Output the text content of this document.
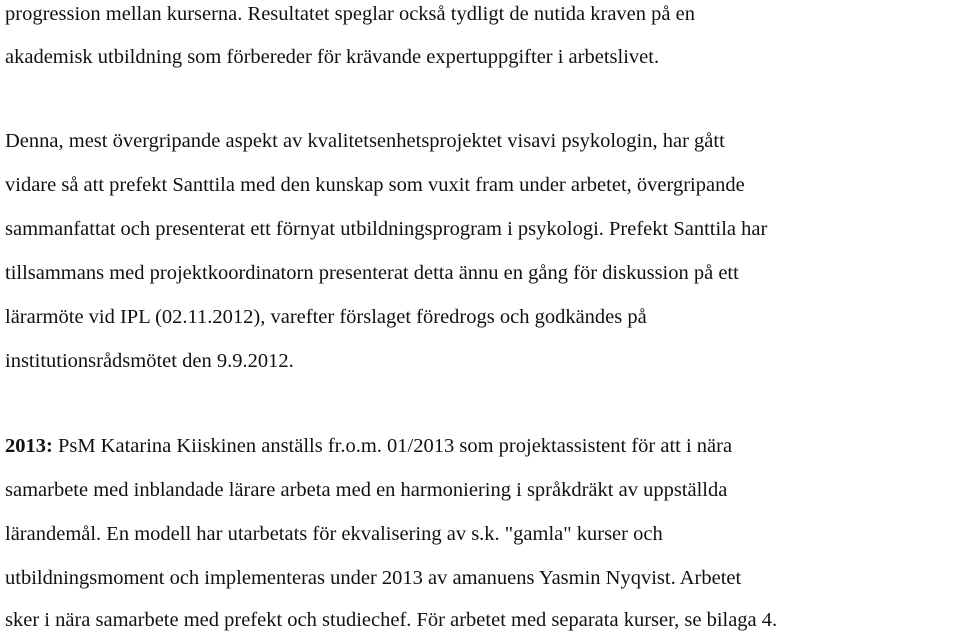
progression mellan kurserna. Resultatet speglar också tydligt de nutida kraven på en
akademisk utbildning som förbereder för krävande expertuppgifter i arbetslivet.
Denna, mest övergripande aspekt av kvalitetsenhetsprojektet visavi psykologin, har gått
vidare så att prefekt Santtila med den kunskap som vuxit fram under arbetet, övergripande
sammanfattat och presenterat ett förnyat utbildningsprogram i psykologi. Prefekt Santtila har
tillsammans med projektkoordinatorn presenterat detta ännu en gång för diskussion på ett
lärarmöte vid IPL (02.11.2012), varefter förslaget föredrogs och godkändes på
institutionsrådsmötet den 9.9.2012.
2013: PsM Katarina Kiiskinen anställs fr.o.m. 01/2013 som projektassistent för att i nära
samarbete med inblandade lärare arbeta med en harmoniering i språkdräkt av uppställda
lärandemål. En modell har utarbetats för ekvalisering av s.k. "gamla" kurser och
utbildningsmoment och implementeras under 2013 av amanuens Yasmin Nyqvist. Arbetet
sker i nära samarbete med prefekt och studiechef. För arbetet med separata kurser, se bilaga 4.
